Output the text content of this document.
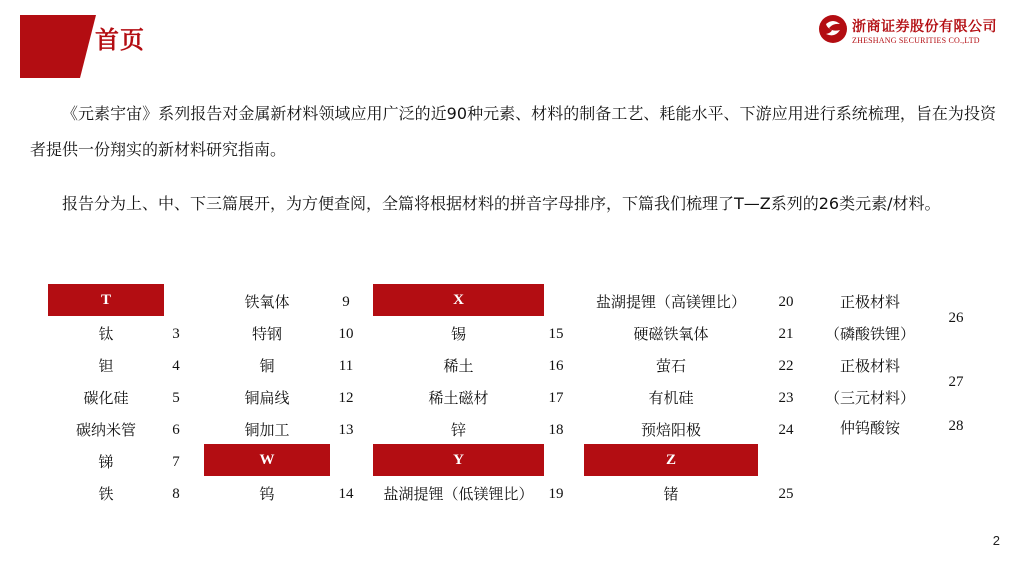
首页	浙商证券股份有限公司
ZHESHANG SECURITIES CO.,LTD
《元素宇宙》系列报告对金属新材料领域应用广泛的近90种元素、材料的制备工艺、耗能水平、下游应用进行系统梳理，旨在为投资者提供一份翔实的新材料研究指南。
报告分为上、中、下三篇展开，为方便查阅，全篇将根据材料的拼音字母排序，下篇我们梳理了T—Z系列的26类元素/材料。
T
钛	3
钽	4
碳化硅	5
碳纳米管	6
锑	7
铁	8
铁氧体	9
特钢	10
铜	11
铜扁线	12
铜加工	13
W
钨	14
X
锡	15
稀土	16
稀土磁材	17
锌	18
Y
盐湖提锂（低镁锂比）	19
盐湖提锂（高镁锂比）	20
硬磁铁氧体	21
萤石	22
有机硅	23
预焙阳极	24
Z
锗	25
正极材料
（磷酸铁锂）
26
正极材料
（三元材料）
27
仲钨酸铵	28
2
